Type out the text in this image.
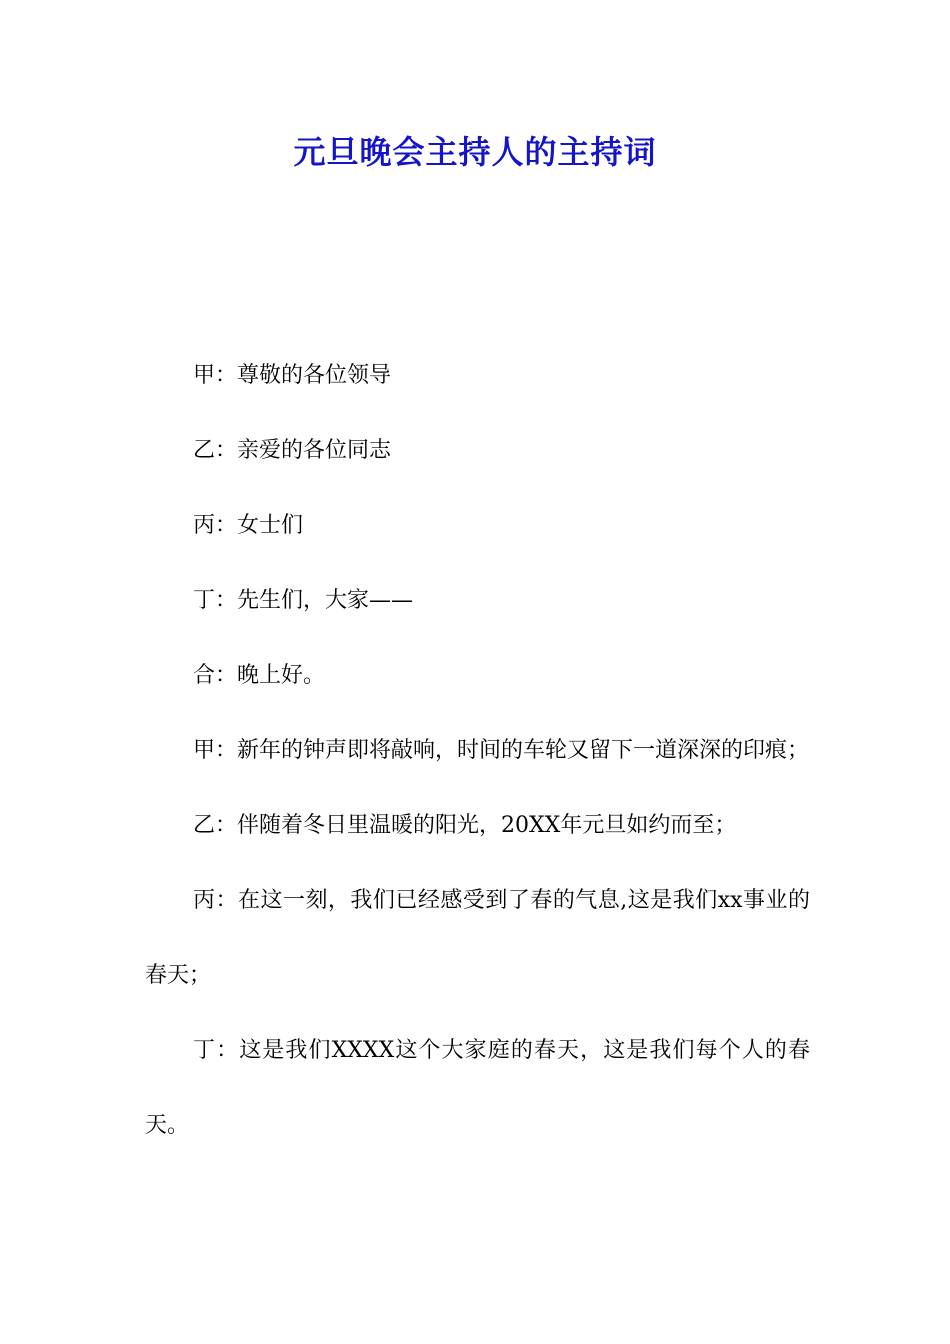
元旦晚会主持人的主持词

甲：尊敬的各位领导

乙：亲爱的各位同志

丙：女士们

丁：先生们，大家——

合：晚上好。

甲：新年的钟声即将敲响，时间的车轮又留下一道深深的印痕；

乙：伴随着冬日里温暖的阳光，20XX年元旦如约而至；

丙：在这一刻，我们已经感受到了春的气息,这是我们xx事业的春天；

丁：这是我们XXXX这个大家庭的春天，这是我们每个人的春天。
